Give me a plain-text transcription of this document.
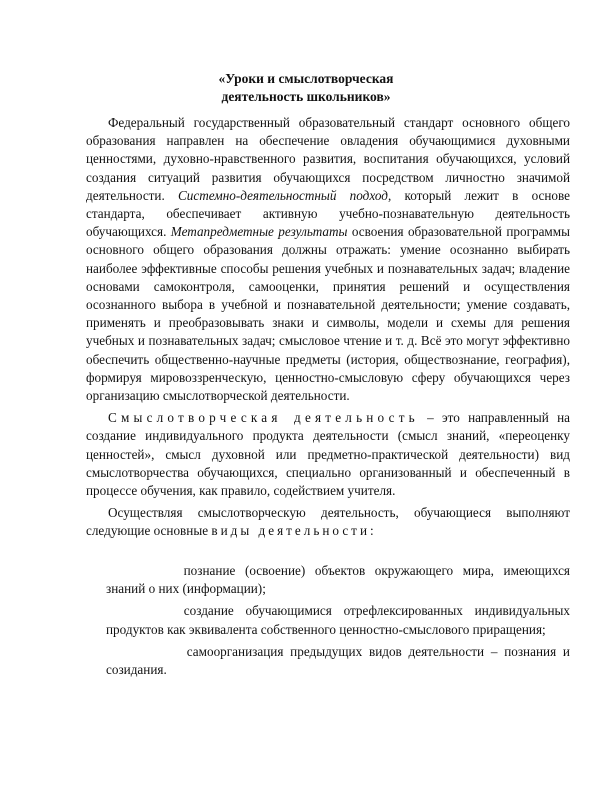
«Уроки и смыслотворческая
деятельность школьников»

Федеральный государственный образовательный стандарт основного общего образования направлен на обеспечение овладения обучающимися духовными ценностями, духовно-нравственного развития, воспитания обучающихся, условий создания ситуаций развития обучающихся посредством личностно значимой деятельности. Системно-деятельностный подход, который лежит в основе стандарта, обеспечивает активную учебно-познавательную деятельность обучающихся. Метапредметные результаты освоения образовательной программы основного общего образования должны отражать: умение осознанно выбирать наиболее эффективные способы решения учебных и познавательных задач; владение основами самоконтроля, самооценки, принятия решений и осуществления осознанного выбора в учебной и познавательной деятельности; умение создавать, применять и преобразовывать знаки и символы, модели и схемы для решения учебных и познавательных задач; смысловое чтение и т. д. Всё это могут эффективно обеспечить общественно-научные предметы (история, обществознание, география), формируя мировоззренческую, ценностно-смысловую сферу обучающихся через организацию смыслотворческой деятельности.

Смыслотворческая деятельность – это направленный на создание индивидуального продукта деятельности (смысл знаний, «переоценку ценностей», смысл духовной или предметно-практической деятельности) вид смыслотворчества обучающихся, специально организованный и обеспеченный в процессе обучения, как правило, содействием учителя.

Осуществляя смыслотворческую деятельность, обучающиеся выполняют следующие основные виды деятельности:

познание (освоение) объектов окружающего мира, имеющихся знаний о них (информации);
создание обучающимися отрефлексированных индивидуальных продуктов как эквивалента собственного ценностно-смыслового приращения;
самоорганизация предыдущих видов деятельности – познания и созидания.
